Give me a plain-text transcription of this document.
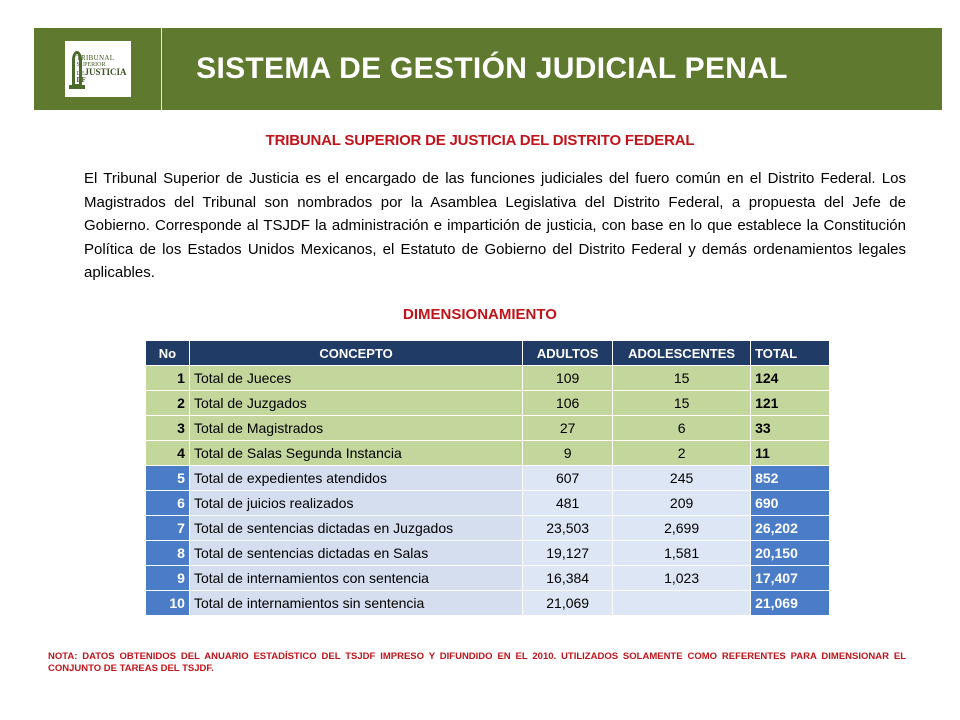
TRIBUNAL
SUPERIOR
DEJUSTICIA
DF	SISTEMA DE GESTIÓN JUDICIAL PENAL
TRIBUNAL SUPERIOR DE JUSTICIA DEL DISTRITO FEDERAL

El Tribunal Superior de Justicia es el encargado de las funciones judiciales del fuero común en el Distrito Federal. Los Magistrados del Tribunal son nombrados por la Asamblea Legislativa del Distrito Federal, a propuesta del Jefe de Gobierno. Corresponde al TSJDF la administración e impartición de justicia, con base en lo que establece la Constitución Política de los Estados Unidos Mexicanos, el Estatuto de Gobierno del Distrito Federal y demás ordenamientos legales aplicables.

DIMENSIONAMIENTO
No	CONCEPTO	ADULTOS	ADOLESCENTES	TOTAL
1	Total de Jueces	109	15	124
2	Total de Juzgados	106	15	121
3	Total de Magistrados	27	6	33
4	Total de Salas Segunda Instancia	9	2	11
5	Total de expedientes atendidos	607	245	852
6	Total de juicios realizados	481	209	690
7	Total de sentencias dictadas en Juzgados	23,503	2,699	26,202
8	Total de sentencias dictadas en Salas	19,127	1,581	20,150
9	Total de internamientos con sentencia	16,384	1,023	17,407
10	Total de internamientos sin sentencia	21,069		21,069
NOTA: DATOS OBTENIDOS DEL ANUARIO ESTADÍSTICO DEL TSJDF IMPRESO Y DIFUNDIDO EN EL 2010. UTILIZADOS SOLAMENTE COMO REFERENTES PARA DIMENSIONAR EL CONJUNTO DE TAREAS DEL TSJDF.
